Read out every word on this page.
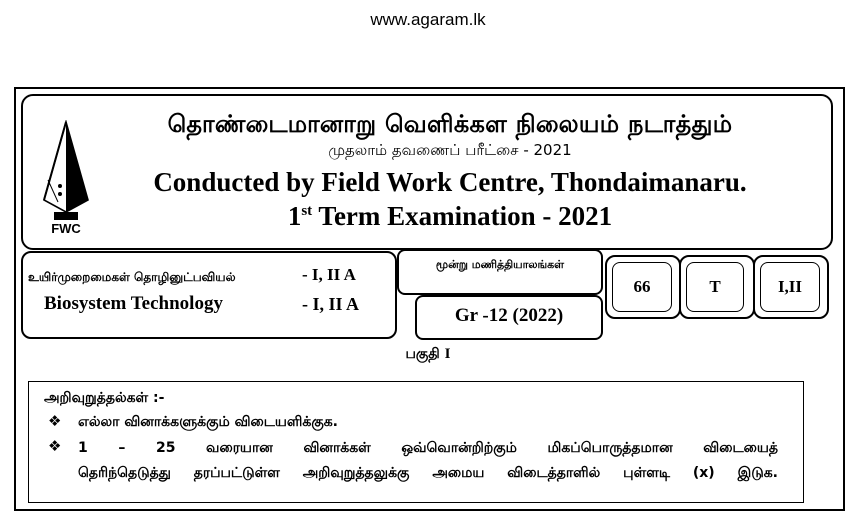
www.agaram.lk
FWC
தொண்டைமானாறு வெளிக்கள நிலையம் நடாத்தும்
முதலாம் தவணைப் பரீட்சை - 2021
Conducted by Field Work Centre, Thondaimanaru.
1st Term Examination - 2021
உயிர்முறைமைகள் தொழினுட்பவியல்	- I, II A
Biosystem Technology	- I, II A
மூன்று மணித்தியாலங்கள்
Gr -12 (2022)
66	T	I,II
பகுதி I
அறிவுறுத்தல்கள் :-
❖ எல்லா வினாக்களுக்கும் விடையளிக்குக.
❖ 1 – 25 வரையான வினாக்கள் ஒவ்வொன்றிற்கும் மிகப்பொருத்தமான விடையைத்
தெரிந்தெடுத்து தரப்பட்டுள்ள அறிவுறுத்தலுக்கு அமைய விடைத்தாளில் புள்ளடி (x) இடுக.
